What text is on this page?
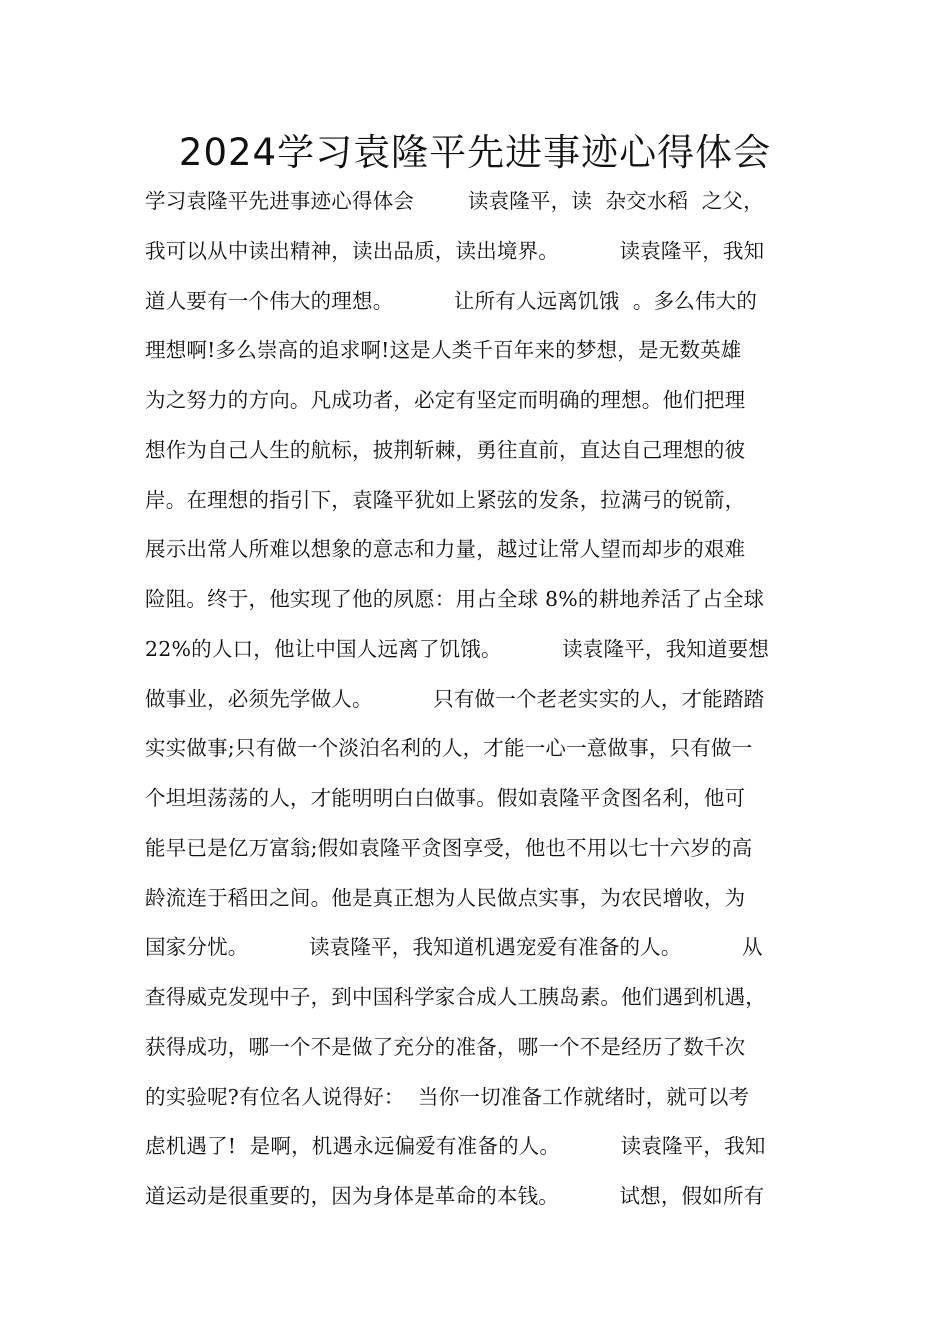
2024学习袁隆平先进事迹心得体会
学习袁隆平先进事迹心得体会        读袁隆平，读  杂交水稻  之父，
我可以从中读出精神，读出品质，读出境界。         读袁隆平，我知
道人要有一个伟大的理想。         让所有人远离饥饿  。多么伟大的
理想啊!多么崇高的追求啊!这是人类千百年来的梦想，是无数英雄
为之努力的方向。凡成功者，必定有坚定而明确的理想。他们把理
想作为自己人生的航标，披荆斩棘，勇往直前，直达自己理想的彼
岸。在理想的指引下，袁隆平犹如上紧弦的发条，拉满弓的锐箭，
展示出常人所难以想象的意志和力量，越过让常人望而却步的艰难
险阻。终于，他实现了他的夙愿：用占全球 8%的耕地养活了占全球
22%的人口，他让中国人远离了饥饿。         读袁隆平，我知道要想
做事业，必须先学做人。         只有做一个老老实实的人，才能踏踏
实实做事;只有做一个淡泊名利的人，才能一心一意做事，只有做一
个坦坦荡荡的人，才能明明白白做事。假如袁隆平贪图名利，他可
能早已是亿万富翁;假如袁隆平贪图享受，他也不用以七十六岁的高
龄流连于稻田之间。他是真正想为人民做点实事，为农民增收，为
国家分忧。         读袁隆平，我知道机遇宠爱有准备的人。         从
查得威克发现中子，到中国科学家合成人工胰岛素。他们遇到机遇，
获得成功，哪一个不是做了充分的准备，哪一个不是经历了数千次
的实验呢?有位名人说得好：  当你一切准备工作就绪时，就可以考
虑机遇了!  是啊，机遇永远偏爱有准备的人。         读袁隆平，我知
道运动是很重要的，因为身体是革命的本钱。         试想，假如所有
